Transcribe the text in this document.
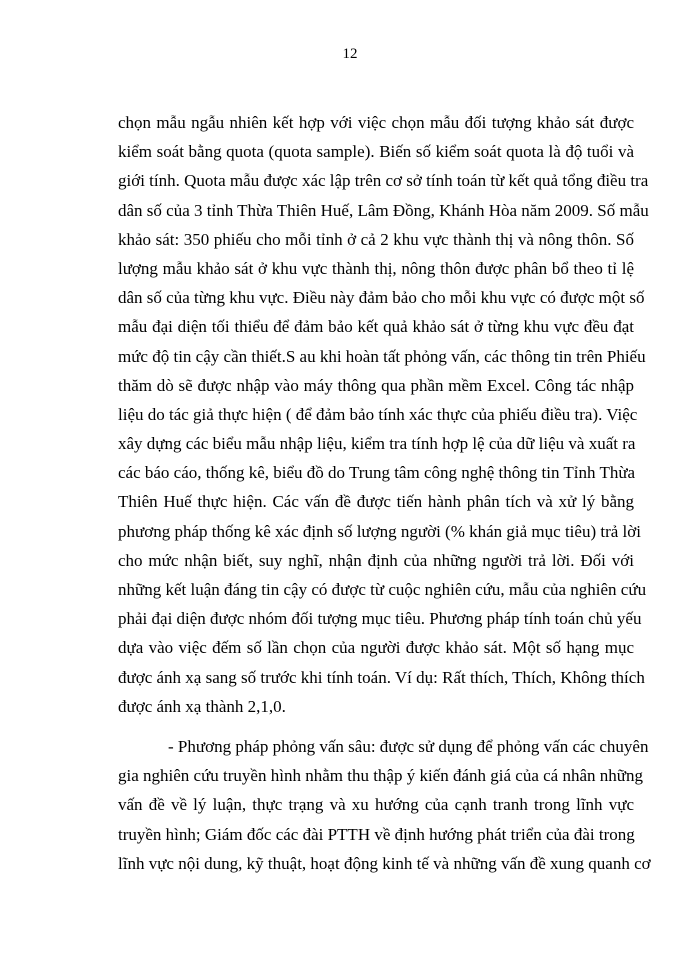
12
chọn mẫu ngẫu nhiên kết hợp với việc chọn mẫu đối tượng khảo sát được
kiểm soát bằng quota (quota sample). Biến số kiểm soát quota là độ tuổi và
giới tính. Quota mẫu được xác lập trên cơ sở tính toán từ kết quả tổng điều tra
dân số của 3 tỉnh Thừa Thiên Huế, Lâm Đồng, Khánh Hòa năm 2009. Số mẫu
khảo sát: 350 phiếu cho mỗi tỉnh ở cả 2 khu vực thành thị và nông thôn. Số
lượng mẫu khảo sát ở khu vực thành thị, nông thôn được phân bổ theo tỉ lệ
dân số của từng khu vực. Điều này đảm bảo cho mỗi khu vực có được một số
mẫu đại diện tối thiểu để đảm bảo kết quả khảo sát ở từng khu vực đều đạt
mức độ tin cậy cần thiết.S au khi hoàn tất phỏng vấn, các thông tin trên Phiếu
thăm dò sẽ được nhập vào máy thông qua phần mềm Excel. Công tác nhập
liệu do tác giả thực hiện ( để đảm bảo tính xác thực của phiếu điều tra). Việc
xây dựng các biểu mẫu nhập liệu, kiểm tra tính hợp lệ của dữ liệu và xuất ra
các báo cáo, thống kê, biểu đồ do Trung tâm công nghệ thông tin Tỉnh Thừa
Thiên Huế thực hiện. Các vấn đề được tiến hành phân tích và xử lý bằng
phương pháp thống kê xác định số lượng người (% khán giả mục tiêu) trả lời
cho mức nhận biết, suy nghĩ, nhận định của những người trả lời. Đối với
những kết luận đáng tin cậy có được từ cuộc nghiên cứu, mẫu của nghiên cứu
phải đại diện được nhóm đối tượng mục tiêu. Phương pháp tính toán chủ yếu
dựa vào việc đếm số lần chọn của người được khảo sát. Một số hạng mục
được ánh xạ sang số trước khi tính toán. Ví dụ: Rất thích, Thích, Không thích
được ánh xạ thành 2,1,0.
- Phương pháp phỏng vấn sâu: được sử dụng để phỏng vấn các chuyên
gia nghiên cứu truyền hình nhằm thu thập ý kiến đánh giá của cá nhân những
vấn đề về lý luận, thực trạng và xu hướng của cạnh tranh trong lĩnh vực
truyền hình; Giám đốc các đài PTTH về định hướng phát triển của đài trong
lĩnh vực nội dung, kỹ thuật, hoạt động kinh tế và những vấn đề xung quanh cơ
